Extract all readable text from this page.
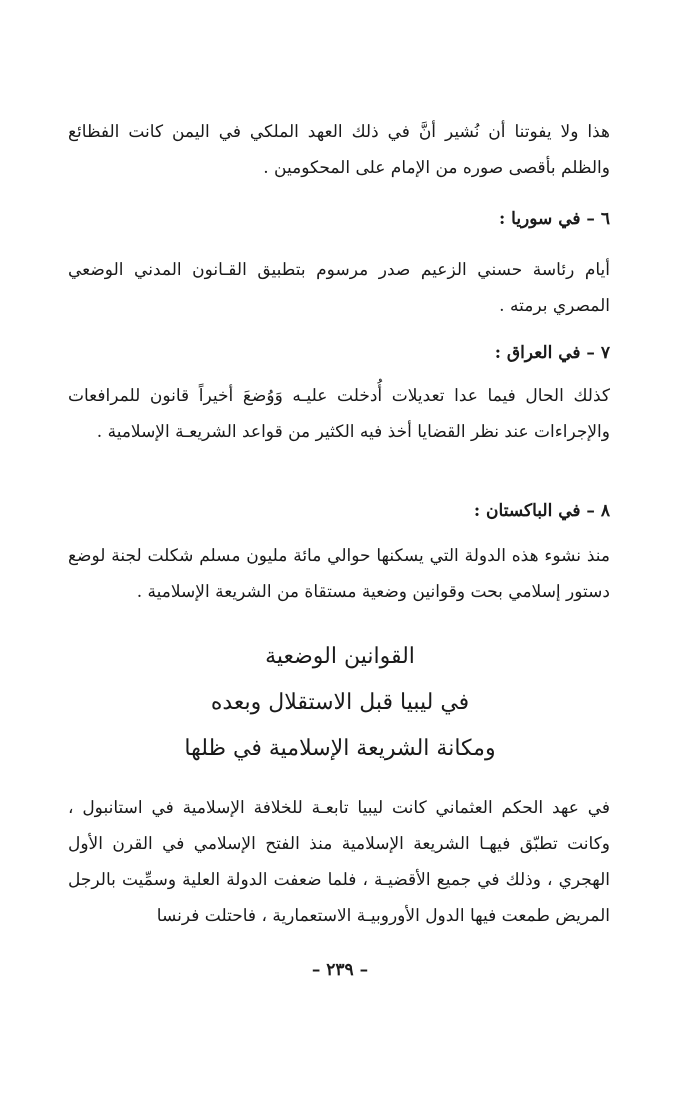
هذا ولا يفوتنا أن نُشير أنَّ في ذلك العهد الملكي في اليمن كانت الفظائع والظلم بأقصى صوره من الإمام على المحكومين .

٦ – في سوريا :

أيام رئاسة حسني الزعيم صدر مرسوم بتطبيق القـانون المدني الوضعي المصري برمته .

٧ – في العراق :

كذلك الحال فيما عدا تعديلات أُدخلت عليـه وَوُضعَ أخيراً قانون للمرافعات والإجراءات عند نظر القضايا أخذ فيه الكثير من قواعد الشريعـة الإسلامية .

٨ – في الباكستان :

منذ نشوء هذه الدولة التي يسكنها حوالي مائة مليون مسلم شكلت لجنة لوضع دستور إسلامي بحت وقوانين وضعية مستقاة من الشريعة الإسلامية .

القوانين الوضعية

في ليبيا قبل الاستقلال وبعده

ومكانة الشريعة الإسلامية في ظلها

في عهد الحكم العثماني كانت ليبيا تابعـة للخلافة الإسلامية في استانبول ، وكانت تطبّق فيهـا الشريعة الإسلامية منذ الفتح الإسلامي في القرن الأول الهجري ، وذلك في جميع الأقضيـة ، فلما ضعفت الدولة العلية وسمِّيت بالرجل المريض طمعت فيها الدول الأوروبيـة الاستعمارية ، فاحتلت فرنسا

– ٢٣٩ –
